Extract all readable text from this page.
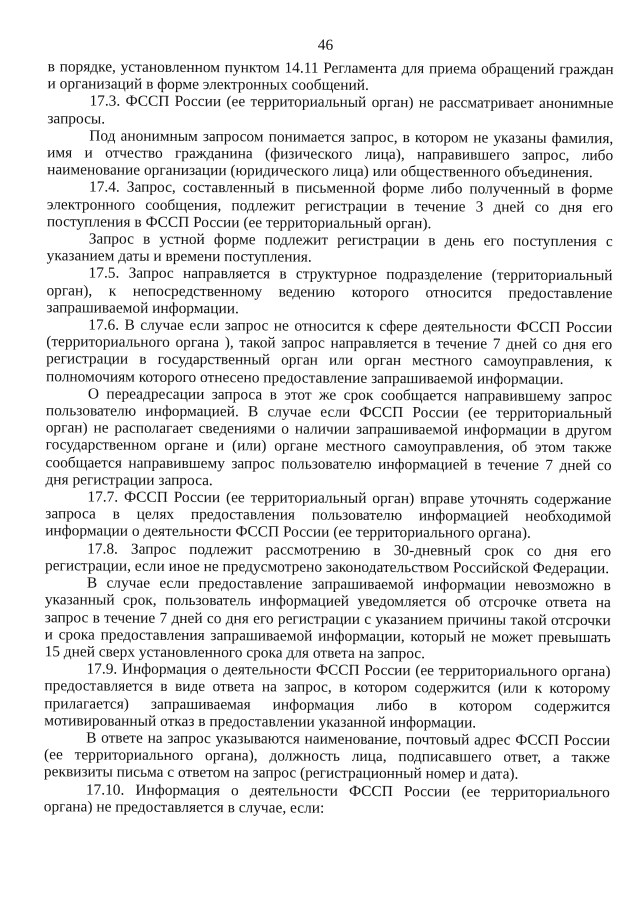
46

в порядке, установленном пунктом 14.11 Регламента для приема обращений граждан и организаций в форме электронных сообщений.

17.3. ФССП России (ее территориальный орган) не рассматривает анонимные запросы.

Под анонимным запросом понимается запрос, в котором не указаны фамилия, имя и отчество гражданина (физического лица), направившего запрос, либо наименование организации (юридического лица) или общественного объединения.

17.4. Запрос, составленный в письменной форме либо полученный в форме электронного сообщения, подлежит регистрации в течение 3 дней со дня его поступления в ФССП России (ее территориальный орган).

Запрос в устной форме подлежит регистрации в день его поступления с указанием даты и времени поступления.

17.5. Запрос направляется в структурное подразделение (территориальный орган), к непосредственному ведению которого относится предоставление запрашиваемой информации.

17.6. В случае если запрос не относится к сфере деятельности ФССП России (территориального органа ), такой запрос направляется в течение 7 дней со дня его регистрации в государственный орган или орган местного самоуправления, к полномочиям которого отнесено предоставление запрашиваемой информации.

О переадресации запроса в этот же срок сообщается направившему запрос пользователю информацией. В случае если ФССП России (ее территориальный орган) не располагает сведениями о наличии запрашиваемой информации в другом государственном органе и (или) органе местного самоуправления, об этом также сообщается направившему запрос пользователю информацией в течение 7 дней со дня регистрации запроса.

17.7. ФССП России (ее территориальный орган) вправе уточнять содержание запроса в целях предоставления пользователю информацией необходимой информации о деятельности ФССП России (ее территориального органа).

17.8. Запрос подлежит рассмотрению в 30-дневный срок со дня его регистрации, если иное не предусмотрено законодательством Российской Федерации.

В случае если предоставление запрашиваемой информации невозможно в указанный срок, пользователь информацией уведомляется об отсрочке ответа на запрос в течение 7 дней со дня его регистрации с указанием причины такой отсрочки и срока предоставления запрашиваемой информации, который не может превышать 15 дней сверх установленного срока для ответа на запрос.

17.9. Информация о деятельности ФССП России (ее территориального органа) предоставляется в виде ответа на запрос, в котором содержится (или к которому прилагается) запрашиваемая информация либо в котором содержится мотивированный отказ в предоставлении указанной информации.

В ответе на запрос указываются наименование, почтовый адрес ФССП России (ее территориального органа), должность лица, подписавшего ответ, а также реквизиты письма с ответом на запрос (регистрационный номер и дата).

17.10. Информация о деятельности ФССП России (ее территориального органа) не предоставляется в случае, если:
